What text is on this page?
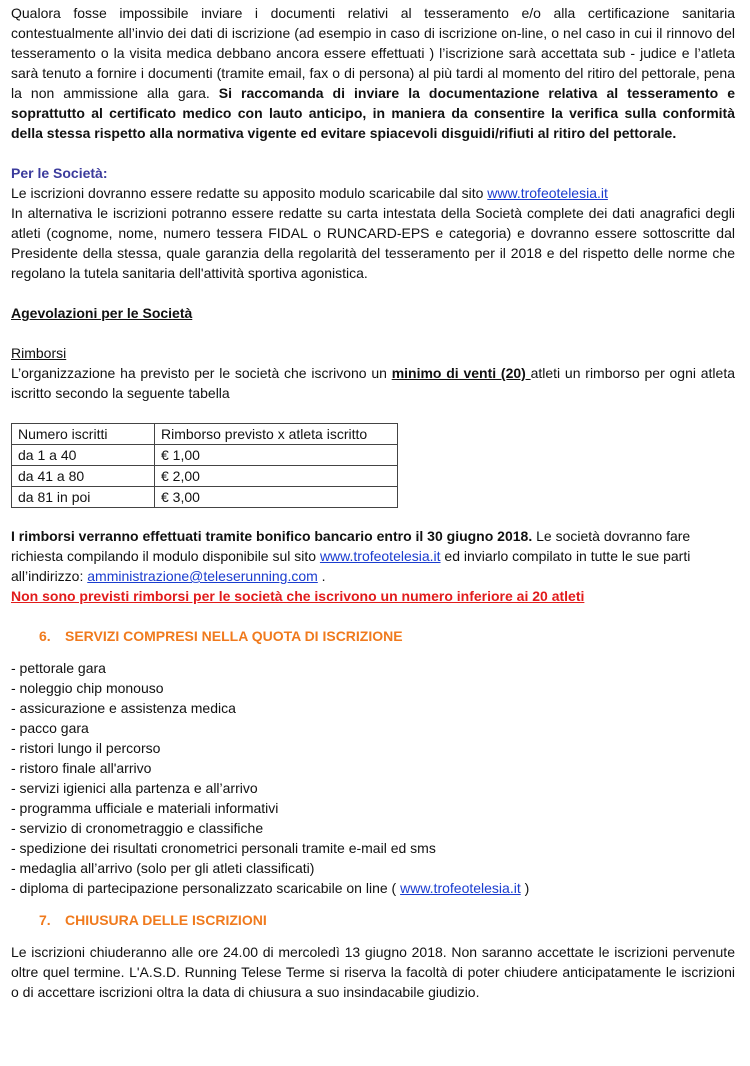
Qualora fosse impossibile inviare i documenti relativi al tesseramento e/o alla certificazione sanitaria contestualmente all’invio dei dati di iscrizione (ad esempio in caso di iscrizione on-line, o nel caso in cui il rinnovo del tesseramento o la visita medica debbano ancora essere effettuati ) l’iscrizione sarà accettata sub - judice e l’atleta sarà tenuto a fornire i documenti (tramite email, fax o di persona) al più tardi al momento del ritiro del pettorale, pena la non ammissione alla gara. Si raccomanda di inviare la documentazione relativa al tesseramento e soprattutto al certificato medico con lauto anticipo, in maniera da consentire la verifica sulla conformità della stessa rispetto alla normativa vigente ed evitare spiacevoli disguidi/rifiuti al ritiro del pettorale.

Per le Società:

Le iscrizioni dovranno essere redatte su apposito modulo scaricabile dal sito www.trofeotelesia.it

In alternativa le iscrizioni potranno essere redatte su carta intestata della Società complete dei dati anagrafici degli atleti (cognome, nome, numero tessera FIDAL o RUNCARD-EPS e categoria) e dovranno essere sottoscritte dal Presidente della stessa, quale garanzia della regolarità del tesseramento per il 2018 e del rispetto delle norme che regolano la tutela sanitaria dell'attività sportiva agonistica.

Agevolazioni per le Società

Rimborsi

L’organizzazione ha previsto per le società che iscrivono un minimo di venti (20) atleti un rimborso per ogni atleta iscritto secondo la seguente tabella

Numero iscritti	Rimborso previsto x atleta iscritto
da 1 a 40	€ 1,00
da 41 a 80	€ 2,00
da 81 in poi	€ 3,00

I rimborsi verranno effettuati tramite bonifico bancario entro il 30 giugno 2018. Le società dovranno fare richiesta compilando il modulo disponibile sul sito www.trofeotelesia.it ed inviarlo compilato in tutte le sue parti all’indirizzo: amministrazione@teleserunning.com .

Non sono previsti rimborsi per le società che iscrivono un numero inferiore ai 20 atleti

6. SERVIZI COMPRESI NELLA QUOTA DI ISCRIZIONE

- pettorale gara
- noleggio chip monouso
- assicurazione e assistenza medica
- pacco gara
- ristori lungo il percorso
- ristoro finale all'arrivo
- servizi igienici alla partenza e all’arrivo
- programma ufficiale e materiali informativi
- servizio di cronometraggio e classifiche
- spedizione dei risultati cronometrici personali tramite e-mail ed sms
- medaglia all’arrivo (solo per gli atleti classificati)
- diploma di partecipazione personalizzato scaricabile on line ( www.trofeotelesia.it )

7. CHIUSURA DELLE ISCRIZIONI

Le iscrizioni chiuderanno alle ore 24.00 di mercoledì 13 giugno 2018. Non saranno accettate le iscrizioni pervenute oltre quel termine. L'A.S.D. Running Telese Terme si riserva la facoltà di poter chiudere anticipatamente le iscrizioni o di accettare iscrizioni oltra la data di chiusura a suo insindacabile giudizio.
